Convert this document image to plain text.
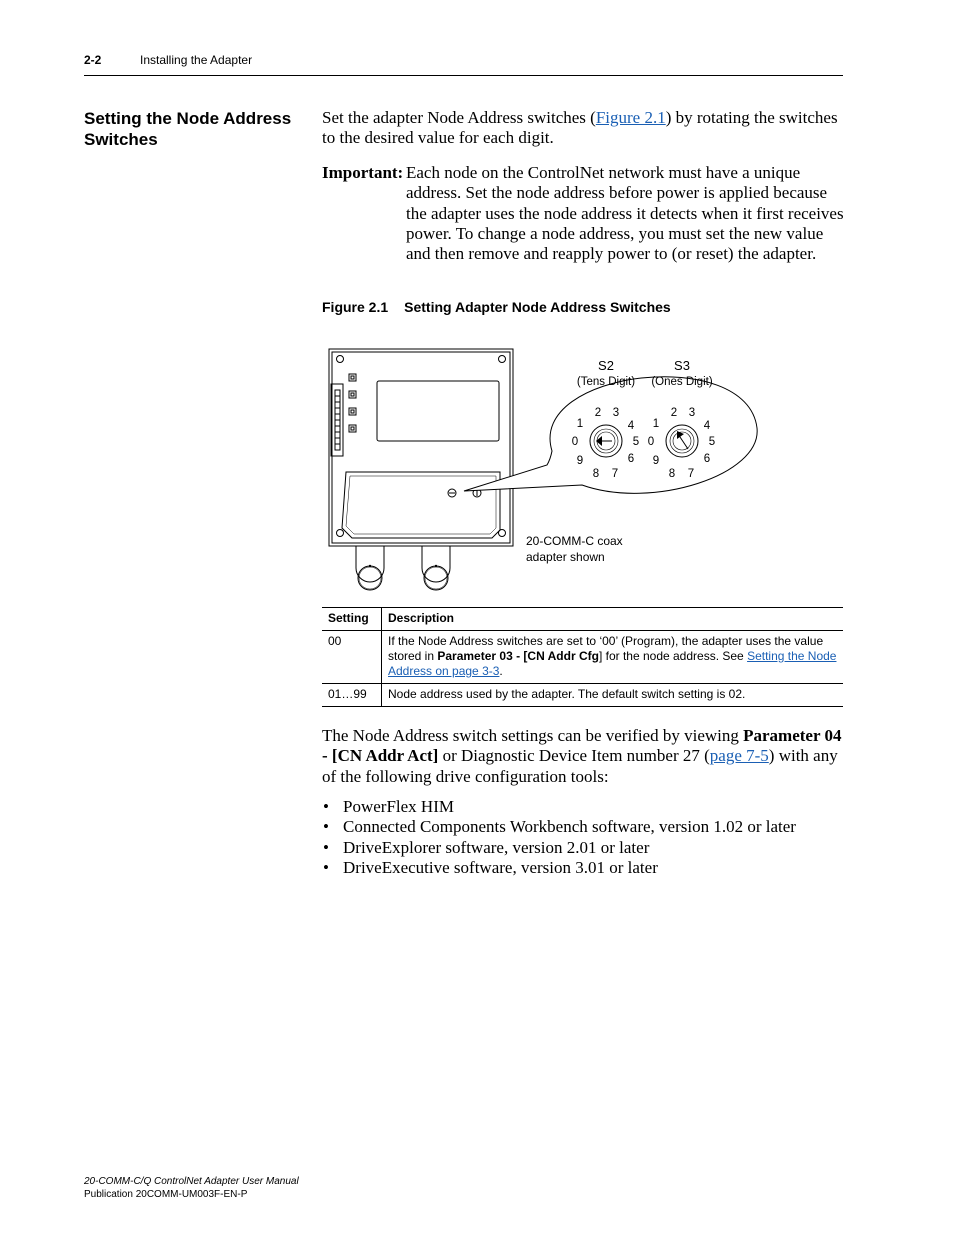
2-2	Installing the Adapter
Setting the Node Address Switches
Set the adapter Node Address switches (Figure 2.1) by rotating the switches to the desired value for each digit.
Important: Each node on the ControlNet network must have a unique address. Set the node address before power is applied because the adapter uses the node address it detects when it first receives power. To change a node address, you must set the new value and then remove and reapply power to (or reset) the adapter.
Figure 2.1 Setting Adapter Node Address Switches
S2
(Tens Digit)
S3
(Ones Digit)
0
1
2 3
4
5
6
7
8
9
0
1
2 3
4
5
6
7
8
9
20-COMM-C coax
adapter shown
Setting	Description
00	If the Node Address switches are set to ‘00’ (Program), the adapter uses the value stored in Parameter 03 - [CN Addr Cfg] for the node address. See Setting the Node Address on page 3-3.
01…99	Node address used by the adapter. The default switch setting is 02.
The Node Address switch settings can be verified by viewing Parameter 04 - [CN Addr Act] or Diagnostic Device Item number 27 (page 7-5) with any of the following drive configuration tools:
• PowerFlex HIM
• Connected Components Workbench software, version 1.02 or later
• DriveExplorer software, version 2.01 or later
• DriveExecutive software, version 3.01 or later
20-COMM-C/Q ControlNet Adapter User Manual
Publication 20COMM-UM003F-EN-P
